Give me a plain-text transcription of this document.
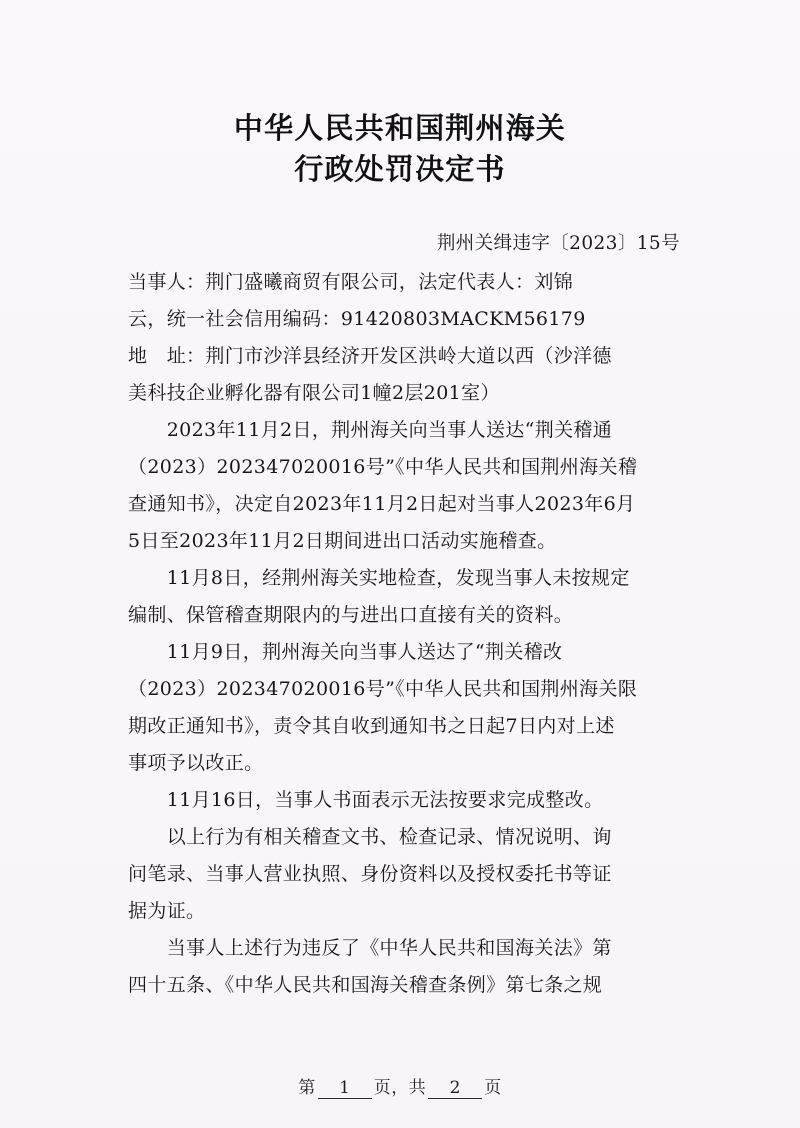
中华人民共和国荆州海关
行政处罚决定书
荆州关缉违字〔2023〕15号
当事人：荆门盛曦商贸有限公司，法定代表人：刘锦
云，统一社会信用编码：91420803MACKM56179
地　址：荆门市沙洋县经济开发区洪岭大道以西（沙洋德
美科技企业孵化器有限公司1幢2层201室）
　　2023年11月2日，荆州海关向当事人送达“荆关稽通
（2023）202347020016号”《中华人民共和国荆州海关稽
查通知书》，决定自2023年11月2日起对当事人2023年6月
5日至2023年11月2日期间进出口活动实施稽查。
　　11月8日，经荆州海关实地检查，发现当事人未按规定
编制、保管稽查期限内的与进出口直接有关的资料。
　　11月9日，荆州海关向当事人送达了“荆关稽改
（2023）202347020016号”《中华人民共和国荆州海关限
期改正通知书》，责令其自收到通知书之日起7日内对上述
事项予以改正。
　　11月16日，当事人书面表示无法按要求完成整改。
　　以上行为有相关稽查文书、检查记录、情况说明、询
问笔录、当事人营业执照、身份资料以及授权委托书等证
据为证。
　　当事人上述行为违反了《中华人民共和国海关法》第
四十五条、《中华人民共和国海关稽查条例》第七条之规
第 1 页，共 2 页
